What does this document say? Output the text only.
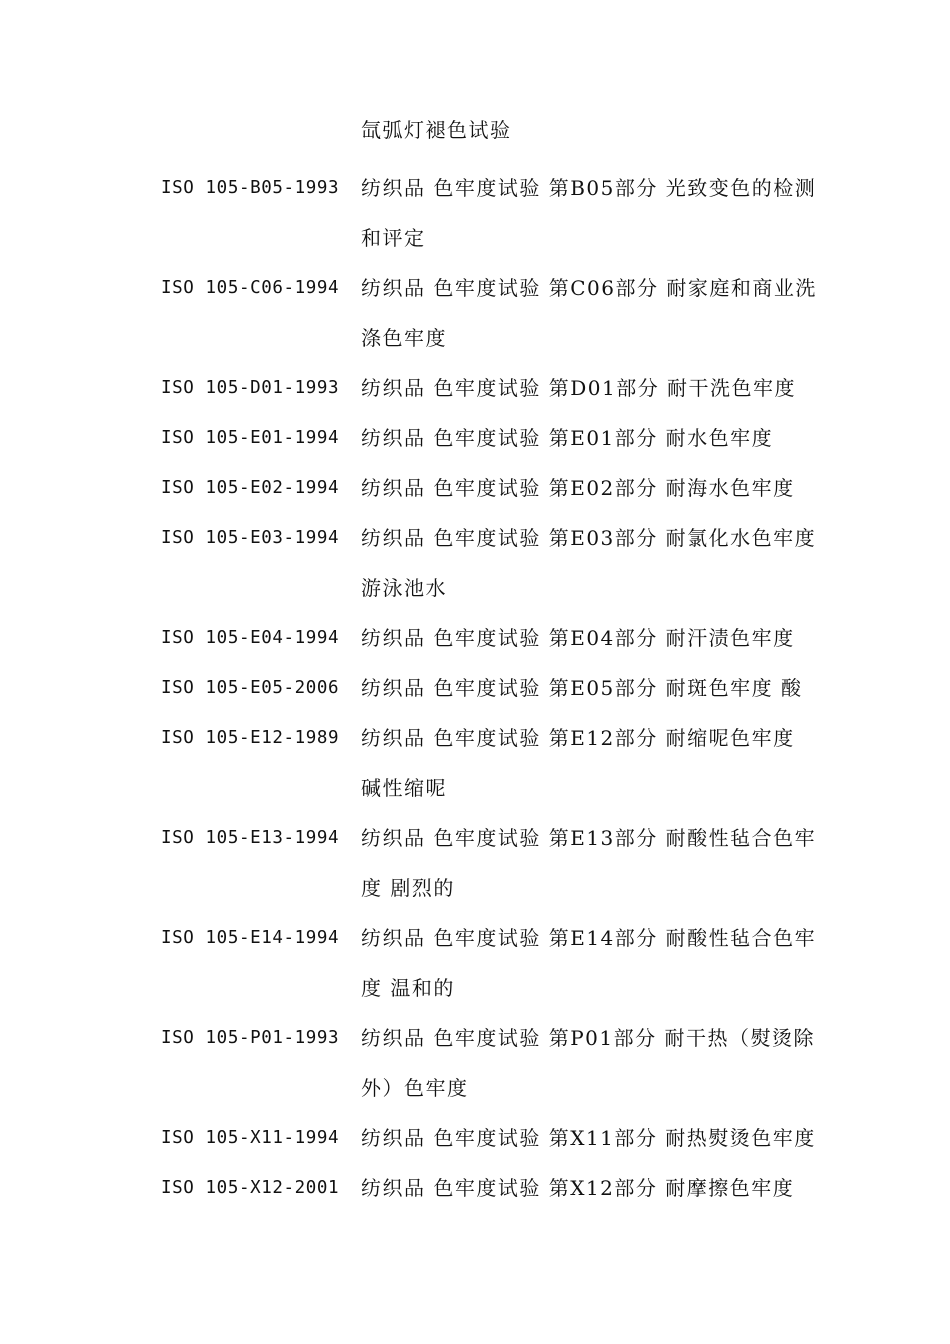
氙弧灯褪色试验
ISO 105-B05-1993	纺织品 色牢度试验 第B05部分 光致变色的检测
和评定
ISO 105-C06-1994	纺织品 色牢度试验 第C06部分 耐家庭和商业洗
涤色牢度
ISO 105-D01-1993	纺织品 色牢度试验 第D01部分 耐干洗色牢度
ISO 105-E01-1994	纺织品 色牢度试验 第E01部分 耐水色牢度
ISO 105-E02-1994	纺织品 色牢度试验 第E02部分 耐海水色牢度
ISO 105-E03-1994	纺织品 色牢度试验 第E03部分 耐氯化水色牢度
游泳池水
ISO 105-E04-1994	纺织品 色牢度试验 第E04部分 耐汗渍色牢度
ISO 105-E05-2006	纺织品 色牢度试验 第E05部分 耐斑色牢度 酸
ISO 105-E12-1989	纺织品 色牢度试验 第E12部分 耐缩呢色牢度
碱性缩呢
ISO 105-E13-1994	纺织品 色牢度试验 第E13部分 耐酸性毡合色牢
度 剧烈的
ISO 105-E14-1994	纺织品 色牢度试验 第E14部分 耐酸性毡合色牢
度 温和的
ISO 105-P01-1993	纺织品 色牢度试验 第P01部分 耐干热（熨烫除
外）色牢度
ISO 105-X11-1994	纺织品 色牢度试验 第X11部分 耐热熨烫色牢度
ISO 105-X12-2001	纺织品 色牢度试验 第X12部分 耐摩擦色牢度
